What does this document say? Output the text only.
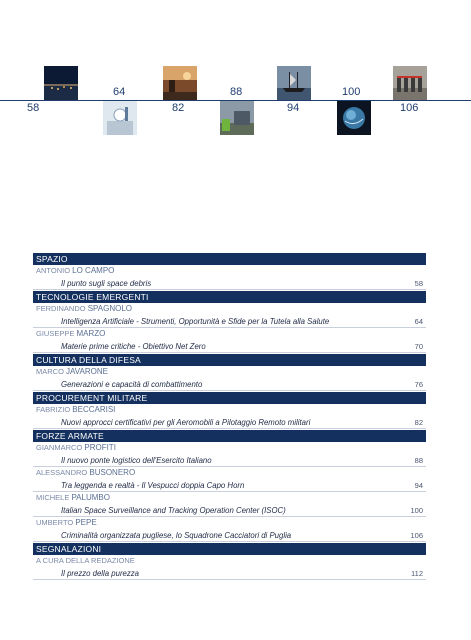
58
64
82
88
94
100
106
SPAZIO
ANTONIO LO CAMPO
Il punto sugli space debris	58
TECNOLOGIE EMERGENTI
FERDINANDO SPAGNOLO
Intelligenza Artificiale - Strumenti, Opportunità e Sfide per la Tutela alla Salute	64
GIUSEPPE MARZO
Materie prime critiche - Obiettivo Net Zero	70
CULTURA DELLA DIFESA
MARCO JAVARONE
Generazioni e capacità di combattimento	76
PROCUREMENT MILITARE
FABRIZIO BECCARISI
Nuovi approcci certificativi per gli Aeromobili a Pilotaggio Remoto militari	82
FORZE ARMATE
GIANMARCO PROFITI
Il nuovo ponte logistico dell'Esercito Italiano	88
ALESSANDRO BUSONERO
Tra leggenda e realtà - Il Vespucci doppia Capo Horn	94
MICHELE PALUMBO
Italian Space Surveillance and Tracking Operation Center (ISOC)	100
UMBERTO PEPE
Criminalità organizzata pugliese, lo Squadrone Cacciatori di Puglia	106
SEGNALAZIONI
A CURA DELLA REDAZIONE
Il prezzo della purezza	112
